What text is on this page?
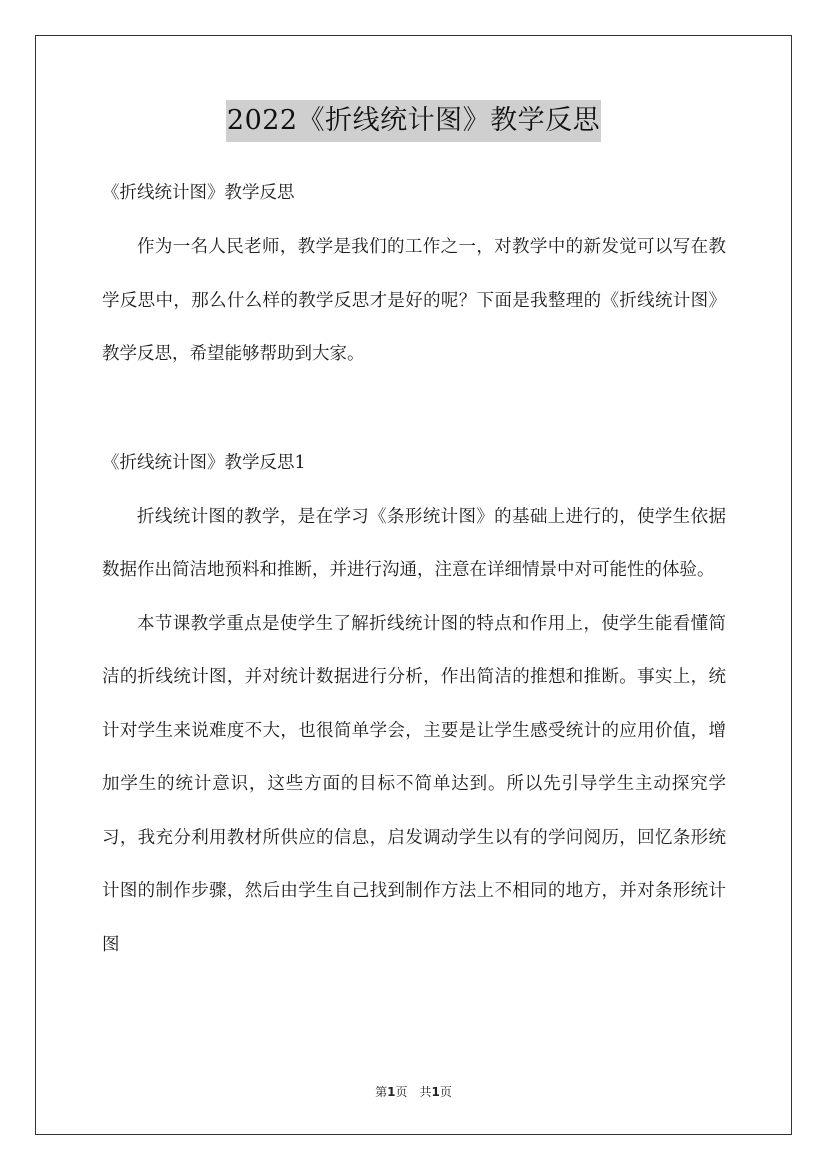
2022《折线统计图》教学反思

《折线统计图》教学反思

作为一名人民老师，教学是我们的工作之一，对教学中的新发觉可以写在教学反思中，那么什么样的教学反思才是好的呢？下面是我整理的《折线统计图》教学反思，希望能够帮助到大家。

《折线统计图》教学反思1

折线统计图的教学，是在学习《条形统计图》的基础上进行的，使学生依据数据作出简洁地预料和推断，并进行沟通，注意在详细情景中对可能性的体验。

本节课教学重点是使学生了解折线统计图的特点和作用上，使学生能看懂简洁的折线统计图，并对统计数据进行分析，作出简洁的推想和推断。事实上，统计对学生来说难度不大，也很简单学会，主要是让学生感受统计的应用价值，增加学生的统计意识，这些方面的目标不简单达到。所以先引导学生主动探究学习，我充分利用教材所供应的信息，启发调动学生以有的学问阅历，回忆条形统计图的制作步骤，然后由学生自己找到制作方法上不相同的地方，并对条形统计图

第1页 共1页
